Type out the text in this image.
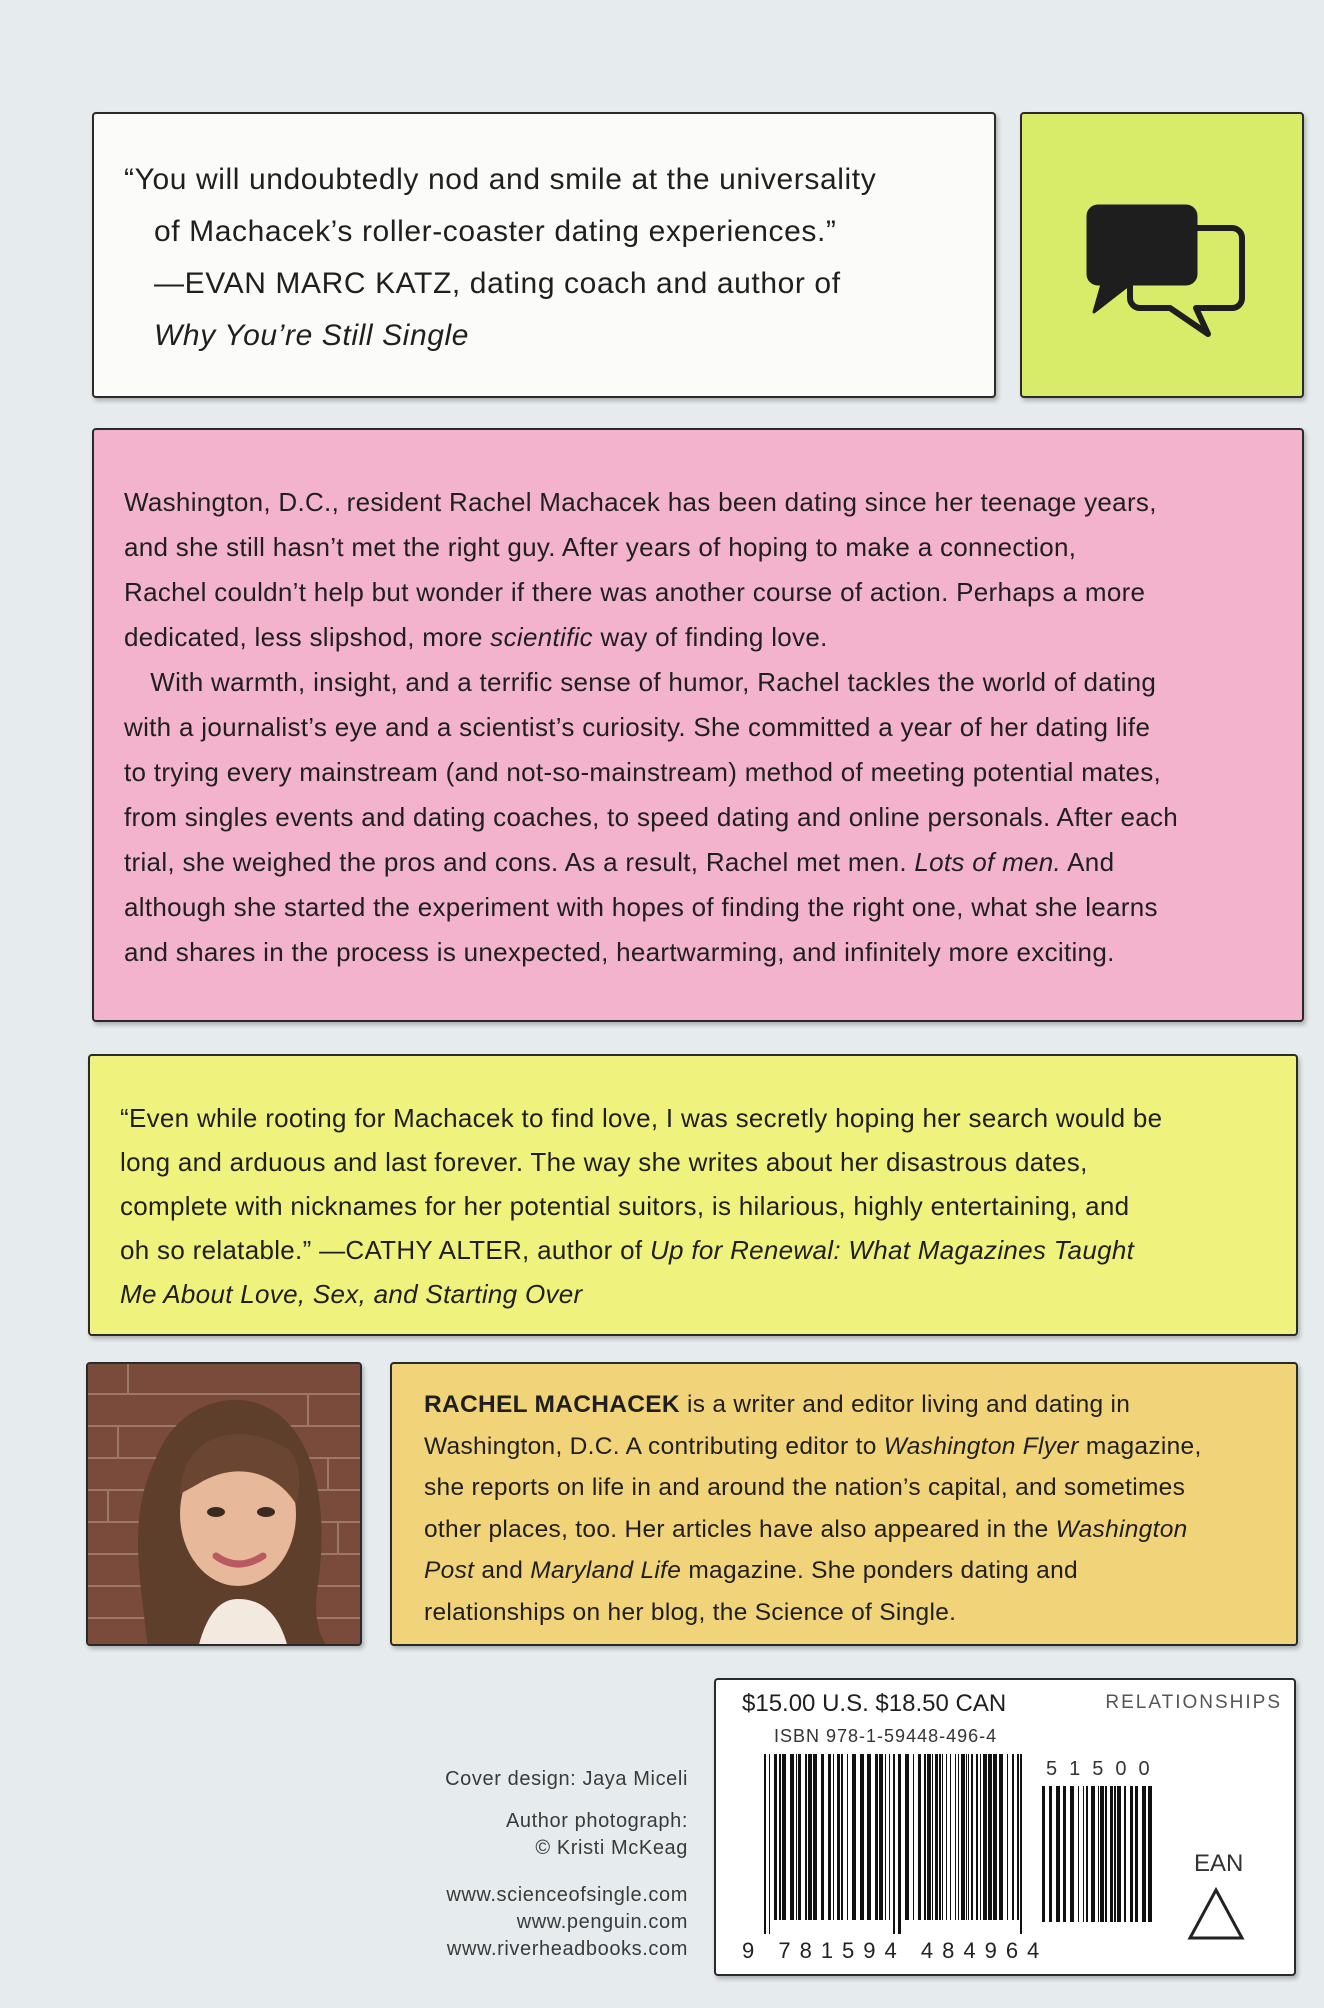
“You will undoubtedly nod and smile at the universality

of Machacek’s roller-coaster dating experiences.”

—EVAN MARC KATZ, dating coach and author of

Why You’re Still Single

Washington, D.C., resident Rachel Machacek has been dating since her teenage years,

and she still hasn’t met the right guy. After years of hoping to make a connection,

Rachel couldn’t help but wonder if there was another course of action. Perhaps a more

dedicated, less slipshod, more scientific way of finding love.

 With warmth, insight, and a terrific sense of humor, Rachel tackles the world of dating

with a journalist’s eye and a scientist’s curiosity. She committed a year of her dating life

to trying every mainstream (and not-so-mainstream) method of meeting potential mates,

from singles events and dating coaches, to speed dating and online personals. After each

trial, she weighed the pros and cons. As a result, Rachel met men. Lots of men. And

although she started the experiment with hopes of finding the right one, what she learns

and shares in the process is unexpected, heartwarming, and infinitely more exciting.

“Even while rooting for Machacek to find love, I was secretly hoping her search would be

long and arduous and last forever. The way she writes about her disastrous dates,

complete with nicknames for her potential suitors, is hilarious, highly entertaining, and

oh so relatable.” —CATHY ALTER, author of Up for Renewal: What Magazines Taught

Me About Love, Sex, and Starting Over

RACHEL MACHACEK is a writer and editor living and dating in

Washington, D.C. A contributing editor to Washington Flyer magazine,

she reports on life in and around the nation’s capital, and sometimes

other places, too. Her articles have also appeared in the Washington

Post and Maryland Life magazine. She ponders dating and

relationships on her blog, the Science of Single.

Cover design: Jaya Miceli

Author photograph:

© Kristi McKeag

www.scienceofsingle.com

www.penguin.com

www.riverheadbooks.com

$15.00 U.S. $18.50 CAN	RELATIONSHIPS
ISBN 978-1-59448-496-4
51500
EAN
9 781594 484964
